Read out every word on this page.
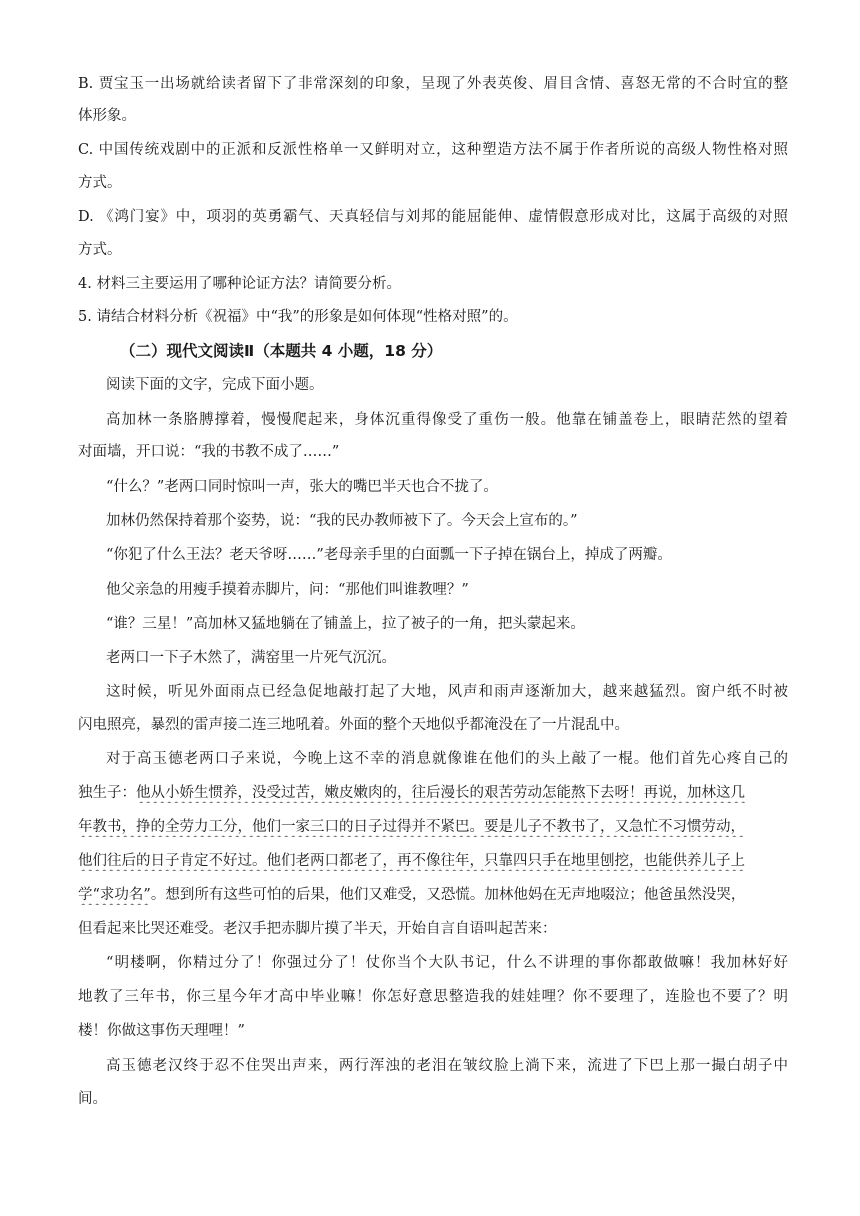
B. 贾宝玉一出场就给读者留下了非常深刻的印象，呈现了外表英俊、眉目含情、喜怒无常的不合时宜的整
体形象。
C. 中国传统戏剧中的正派和反派性格单一又鲜明对立，这种塑造方法不属于作者所说的高级人物性格对照
方式。
D. 《鸿门宴》中，项羽的英勇霸气、天真轻信与刘邦的能屈能伸、虚情假意形成对比，这属于高级的对照
方式。
4. 材料三主要运用了哪种论证方法？请简要分析。
5. 请结合材料分析《祝福》中“我”的形象是如何体现“性格对照”的。
（二）现代文阅读Ⅱ（本题共 4 小题，18 分）
阅读下面的文字，完成下面小题。
高加林一条胳膊撑着，慢慢爬起来，身体沉重得像受了重伤一般。他靠在铺盖卷上，眼睛茫然的望着
对面墙，开口说：“我的书教不成了……”
“什么？”老两口同时惊叫一声，张大的嘴巴半天也合不拢了。
加林仍然保持着那个姿势，说：“我的民办教师被下了。今天会上宣布的。”
“你犯了什么王法？老天爷呀……”老母亲手里的白面瓢一下子掉在锅台上，掉成了两瓣。
他父亲急的用瘦手摸着赤脚片，问：“那他们叫谁教哩？”
“谁？三星！”高加林又猛地躺在了铺盖上，拉了被子的一角，把头蒙起来。
老两口一下子木然了，满窑里一片死气沉沉。
这时候，听见外面雨点已经急促地敲打起了大地，风声和雨声逐渐加大，越来越猛烈。窗户纸不时被
闪电照亮，暴烈的雷声接二连三地吼着。外面的整个天地似乎都淹没在了一片混乱中。
对于高玉德老两口子来说，今晚上这不幸的消息就像谁在他们的头上敲了一棍。他们首先心疼自己的
独生子：他从小娇生惯养，没受过苦，嫩皮嫩肉的，往后漫长的艰苦劳动怎能熬下去呀！再说，加林这几
年教书，挣的全劳力工分，他们一家三口的日子过得并不紧巴。要是儿子不教书了，又急忙不习惯劳动，
他们往后的日子肯定不好过。他们老两口都老了，再不像往年，只靠四只手在地里刨挖，也能供养儿子上
学“求功名”。想到所有这些可怕的后果，他们又难受，又恐慌。加林他妈在无声地啜泣；他爸虽然没哭，
但看起来比哭还难受。老汉手把赤脚片摸了半天，开始自言自语叫起苦来：
“明楼啊，你精过分了！你强过分了！仗你当个大队书记，什么不讲理的事你都敢做嘛！我加林好好
地教了三年书，你三星今年才高中毕业嘛！你怎好意思整造我的娃娃哩？你不要理了，连脸也不要了？明
楼！你做这事伤天理哩！”
高玉德老汉终于忍不住哭出声来，两行浑浊的老泪在皱纹脸上淌下来，流进了下巴上那一撮白胡子中
间。
